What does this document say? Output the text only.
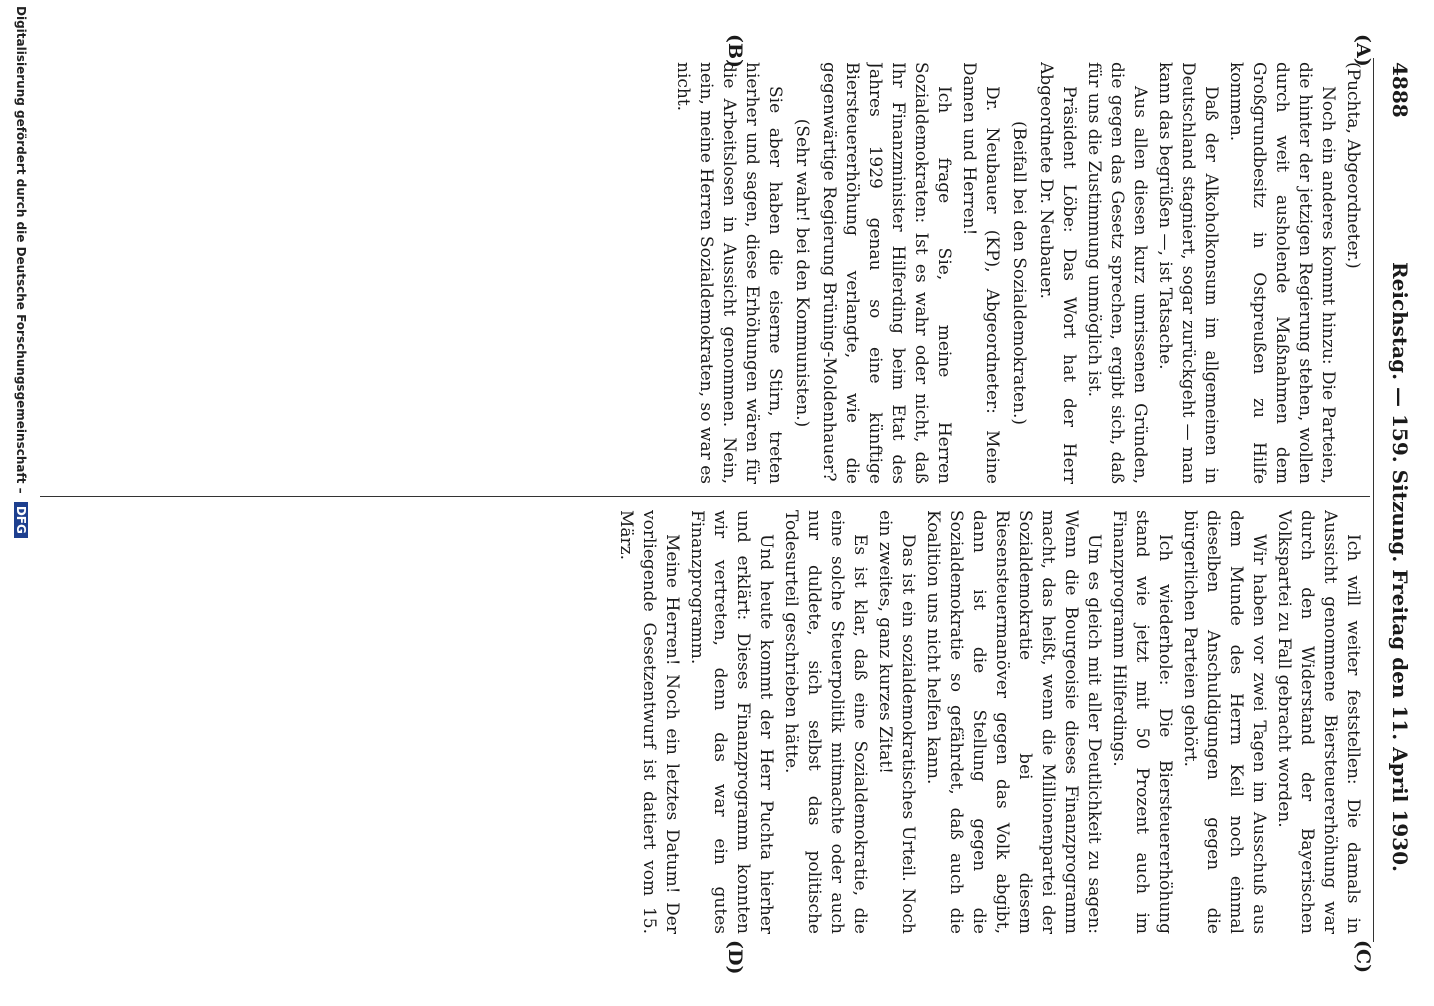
4888
Reichstag. — 159. Sitzung. Freitag den 11. April 1930.
(A)
(B)
(C)
(D)

(Puchta, Abgeordneter.)

Noch ein anderes kommt hinzu: Die Parteien, die hinter der jetzigen Regierung stehen, wollen durch weit ausholende Maßnahmen dem Großgrundbesitz in Ostpreußen zu Hilfe kommen.

Daß der Alkoholkonsum im allgemeinen in Deutschland stagniert, sogar zurückgeht — man kann das begrüßen —, ist Tatsache.

Aus allen diesen kurz umrissenen Gründen, die gegen das Gesetz sprechen, ergibt sich, daß für uns die Zustimmung unmöglich ist.

Präsident Löbe: Das Wort hat der Herr Abgeordnete Dr. Neubauer.

(Beifall bei den Sozialdemokraten.)

Dr. Neubauer (KP), Abgeordneter: Meine Damen und Herren!

Ich frage Sie, meine Herren Sozialdemokraten: Ist es wahr oder nicht, daß Ihr Finanzminister Hilferding beim Etat des Jahres 1929 genau so eine künftige Biersteuererhöhung verlangte, wie die gegenwärtige Regierung Brüning-Moldenhauer?

(Sehr wahr! bei den Kommunisten.)

Sie aber haben die eiserne Stirn, treten hierher und sagen, diese Erhöhungen wären für die Arbeitslosen in Aussicht genommen. Nein, nein, meine Herren Sozialdemokraten, so war es nicht.

Ich will weiter feststellen: Die damals in Aussicht genommene Biersteuererhöhung war durch den Widerstand der Bayerischen Volkspartei zu Fall gebracht worden.

Wir haben vor zwei Tagen im Ausschuß aus dem Munde des Herrn Keil noch einmal dieselben Anschuldigungen gegen die bürgerlichen Parteien gehört.

Ich wiederhole: Die Biersteuererhöhung stand wie jetzt mit 50 Prozent auch im Finanzprogramm Hilferdings.

Um es gleich mit aller Deutlichkeit zu sagen: Wenn die Bourgeoisie dieses Finanzprogramm macht, das heißt, wenn die Millionenpartei der Sozialdemokratie bei diesem Riesensteuermanöver gegen das Volk abgibt, dann ist die Stellung gegen die Sozialdemokratie so gefährdet, daß auch die Koalition uns nicht helfen kann.

Das ist ein sozialdemokratisches Urteil. Noch ein zweites, ganz kurzes Zitat!

Es ist klar, daß eine Sozialdemokratie, die eine solche Steuerpolitik mitmachte oder auch nur duldete, sich selbst das politische Todesurteil geschrieben hätte.

Und heute kommt der Herr Puchta hierher und erklärt: Dieses Finanzprogramm konnten wir vertreten, denn das war ein gutes Finanzprogramm.

Meine Herren! Noch ein letztes Datum! Der vorliegende Gesetzentwurf ist datiert vom 15. März.

Digitalisierung gefördert durch die Deutsche Forschungsgemeinschaft – DFG
